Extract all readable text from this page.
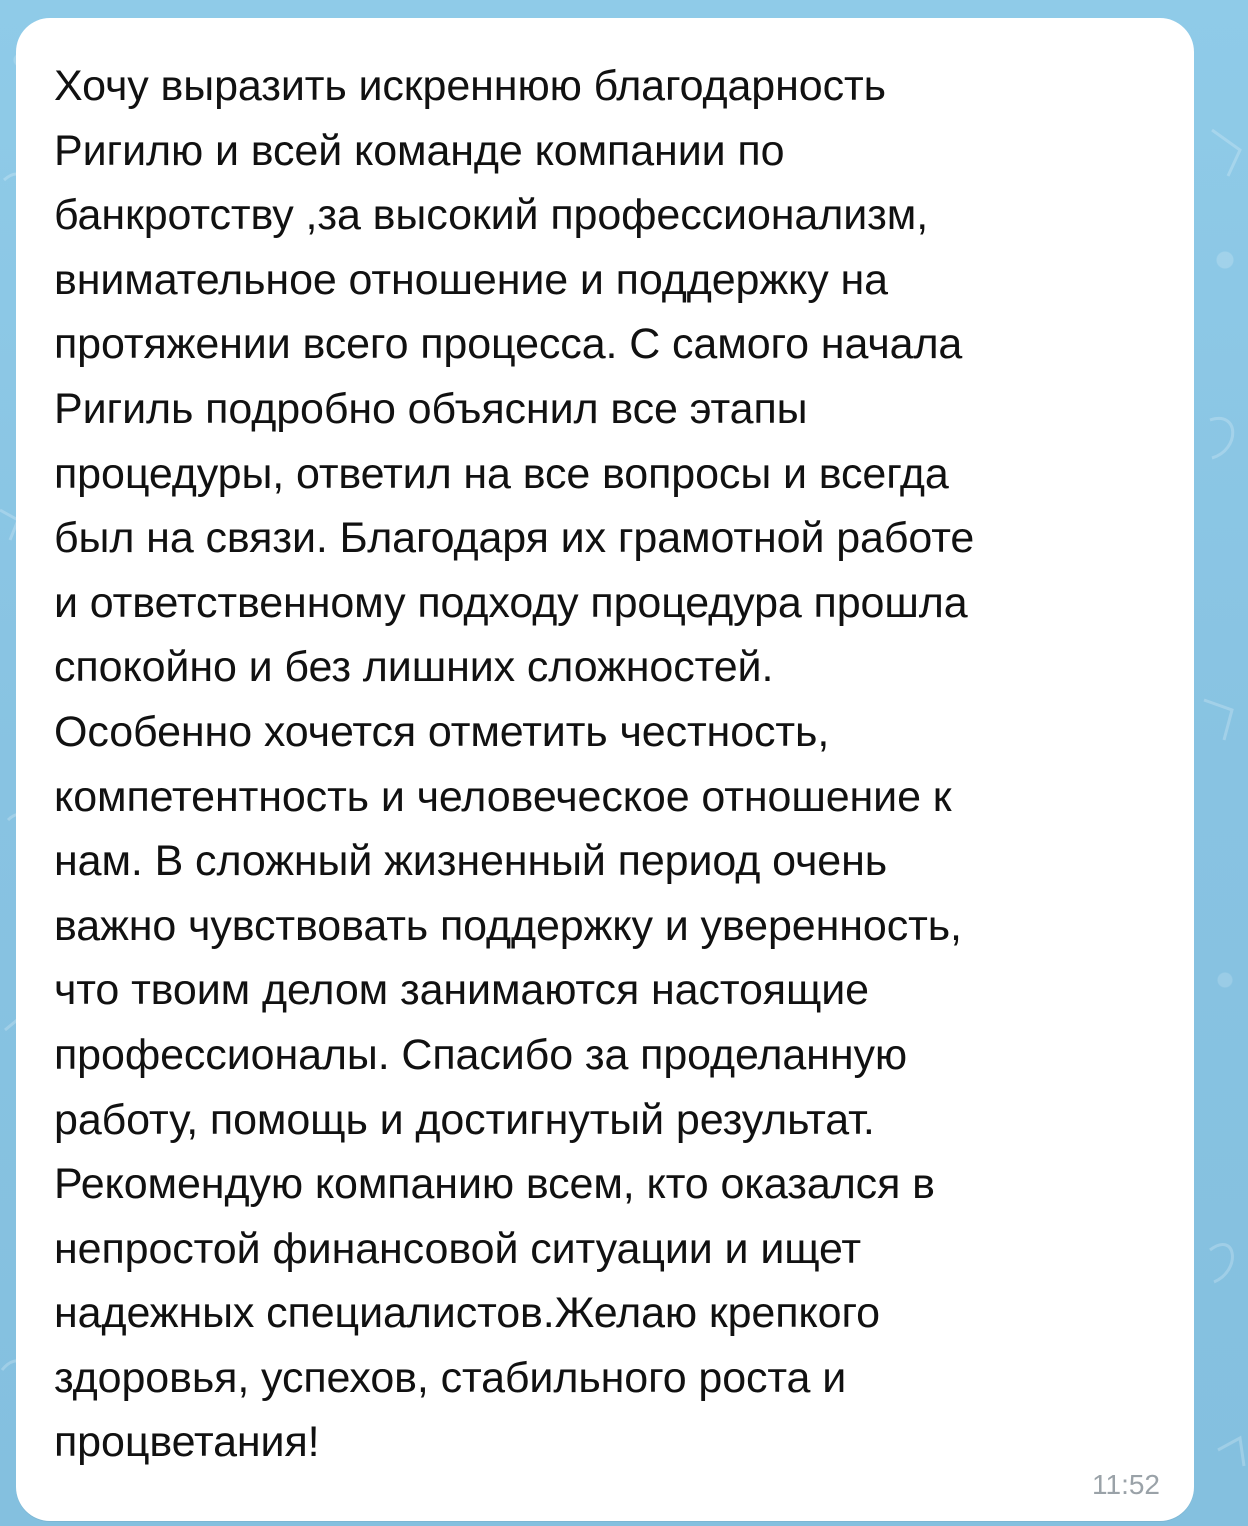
Хочу выразить искреннюю благодарность
Ригилю и всей команде компании по
банкротству ,за высокий профессионализм,
внимательное отношение и поддержку на
протяжении всего процесса. С самого начала
Ригиль подробно объяснил все этапы
процедуры, ответил на все вопросы и всегда
был на связи. Благодаря их грамотной работе
и ответственному подходу процедура прошла
спокойно и без лишних сложностей.
Особенно хочется отметить честность,
компетентность и человеческое отношение к
нам. В сложный жизненный период очень
важно чувствовать поддержку и уверенность,
что твоим делом занимаются настоящие
профессионалы. Спасибо за проделанную
работу, помощь и достигнутый результат.
Рекомендую компанию всем, кто оказался в
непростой финансовой ситуации и ищет
надежных специалистов.Желаю крепкого
здоровья, успехов, стабильного роста и
процветания!

11:52
